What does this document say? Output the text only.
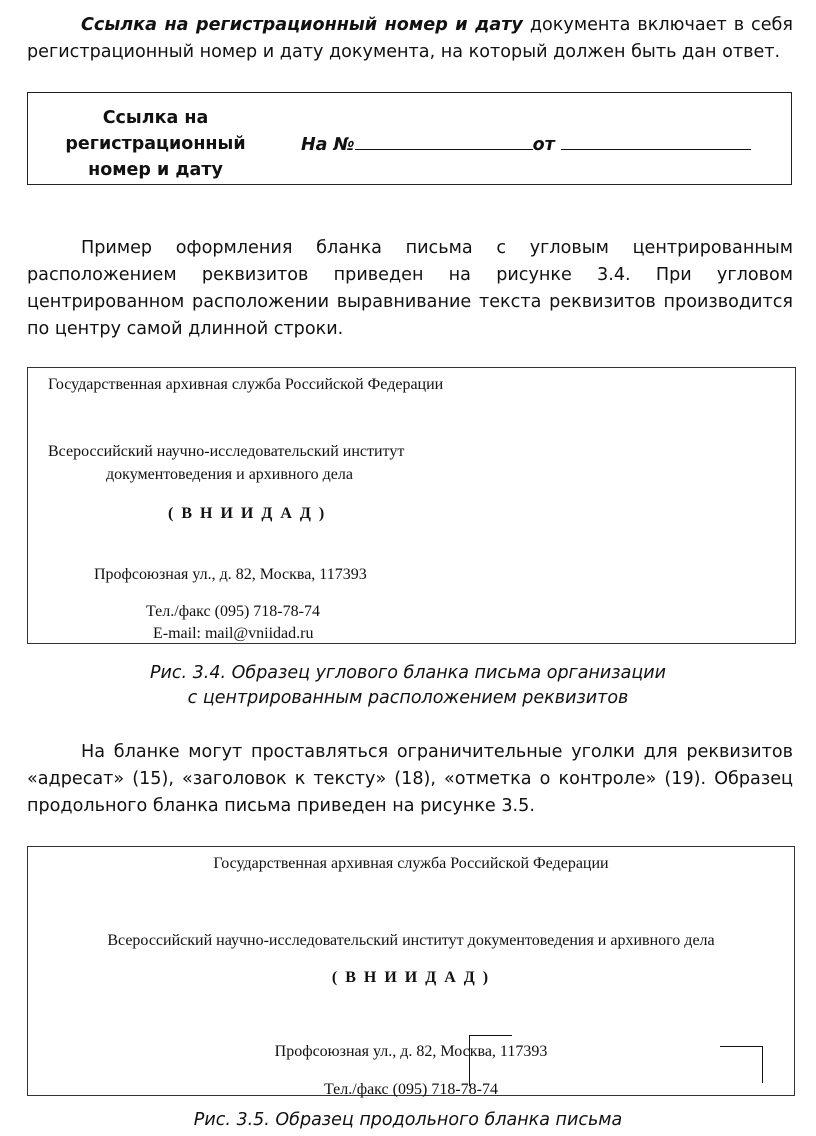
Ссылка на регистрационный номер и дату документа включает в себя регистрационный номер и дату документа, на который должен быть дан ответ.

Ссылка на регистрационный номер и дату
На №	от

Пример оформления бланка письма с угловым центрированным расположением реквизитов приведен на рисунке 3.4. При угловом центрированном расположении выравнивание текста реквизитов производится по центру самой длинной строки.

Государственная архивная служба Российской Федерации
Всероссийский научно-исследовательский институт
документоведения и архивного дела
( В Н И И Д А Д )
Профсоюзная ул., д. 82, Москва, 117393
Тел./факс (095) 718-78-74
E-mail: mail@vniidad.ru

Рис. 3.4. Образец углового бланка письма организации
с центрированным расположением реквизитов

На бланке могут проставляться ограничительные уголки для реквизитов «адресат» (15), «заголовок к тексту» (18), «отметка о контроле» (19). Образец продольного бланка письма приведен на рисунке 3.5.

Государственная архивная служба Российской Федерации
Всероссийский научно-исследовательский институт документоведения и архивного дела
( В Н И И Д А Д )
Профсоюзная ул., д. 82, Москва, 117393
Тел./факс (095) 718-78-74

Рис. 3.5. Образец продольного бланка письма
